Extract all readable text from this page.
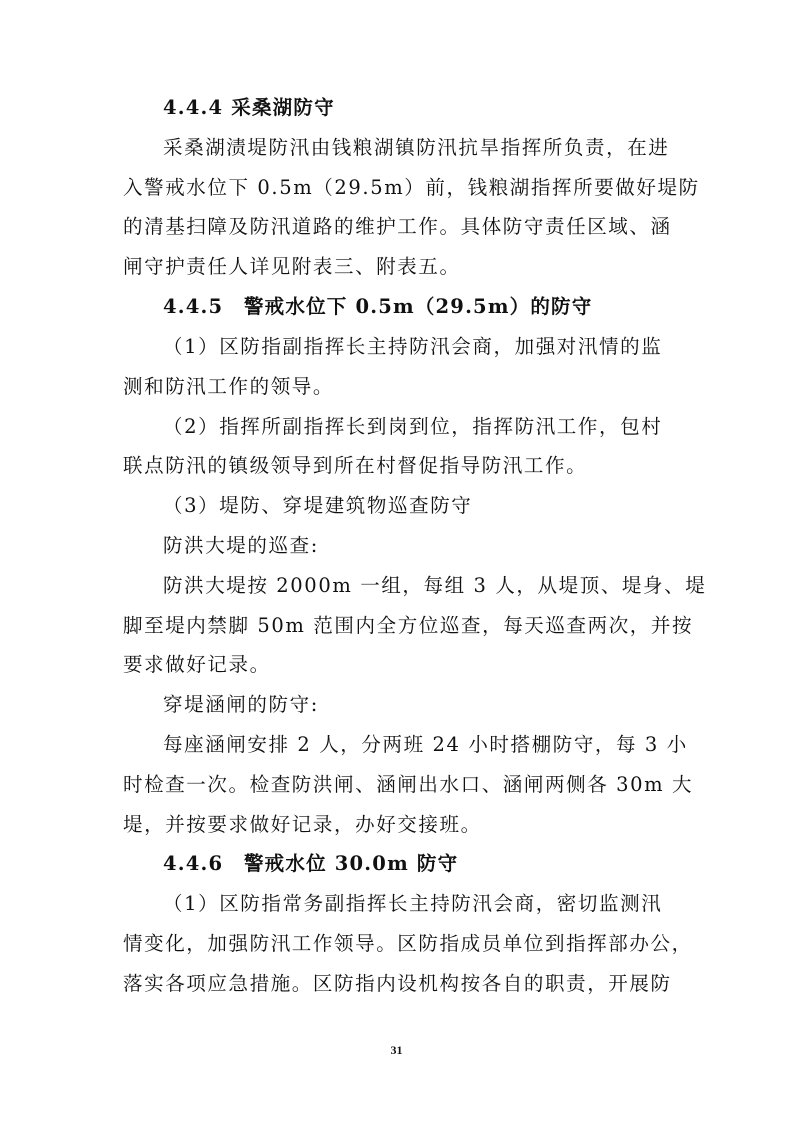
4.4.4 采桑湖防守
采桑湖渍堤防汛由钱粮湖镇防汛抗旱指挥所负责，在进
入警戒水位下 0.5m（29.5m）前，钱粮湖指挥所要做好堤防
的清基扫障及防汛道路的维护工作。具体防守责任区域、涵
闸守护责任人详见附表三、附表五。
4.4.5　警戒水位下 0.5m（29.5m）的防守
（1）区防指副指挥长主持防汛会商，加强对汛情的监
测和防汛工作的领导。
（2）指挥所副指挥长到岗到位，指挥防汛工作，包村
联点防汛的镇级领导到所在村督促指导防汛工作。
（3）堤防、穿堤建筑物巡查防守
防洪大堤的巡查:
防洪大堤按 2000m 一组，每组 3 人，从堤顶、堤身、堤
脚至堤内禁脚 50m 范围内全方位巡查，每天巡查两次，并按
要求做好记录。
穿堤涵闸的防守:
每座涵闸安排 2 人，分两班 24 小时搭棚防守，每 3 小
时检查一次。检查防洪闸、涵闸出水口、涵闸两侧各 30m 大
堤，并按要求做好记录，办好交接班。
4.4.6　警戒水位 30.0m 防守
（1）区防指常务副指挥长主持防汛会商，密切监测汛
情变化，加强防汛工作领导。区防指成员单位到指挥部办公，
落实各项应急措施。区防指内设机构按各自的职责，开展防
31
